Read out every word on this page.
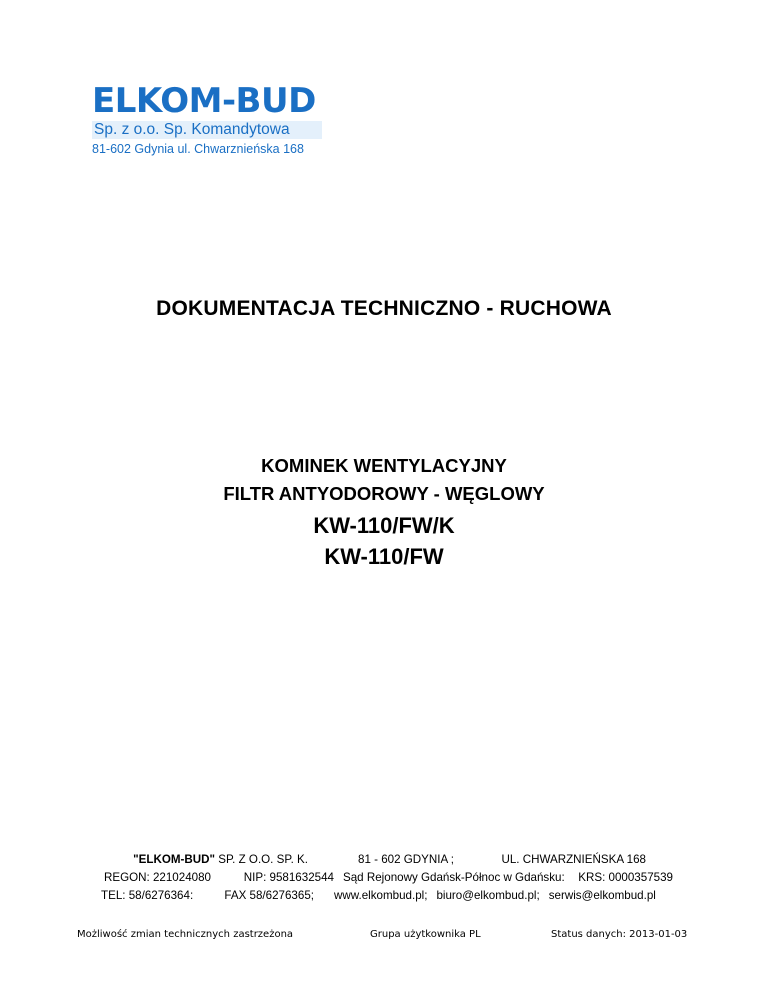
ELKOM-BUD
Sp. z o.o. Sp. Komandytowa
81-602 Gdynia ul. Chwarznieńska 168
DOKUMENTACJA TECHNICZNO - RUCHOWA
KOMINEK WENTYLACYJNY
FILTR ANTYODOROWY - WĘGLOWY
KW-110/FW/K
KW-110/FW
"ELKOM-BUD" SP. Z O.O. SP. K.
REGON: 221024080	NIP: 9581632544
TEL: 58/6276364:	FAX 58/6276365;
81 - 602 GDYNIA ;	UL. CHWARZNIEŃSKA 168
Sąd Rejonowy Gdańsk-Północ w Gdańsku: KRS: 0000357539
www.elkombud.pl; biuro@elkombud.pl; serwis@elkombud.pl
Możliwość zmian technicznych zastrzeżona	Grupa użytkownika PL	Status danych: 2013-01-03
